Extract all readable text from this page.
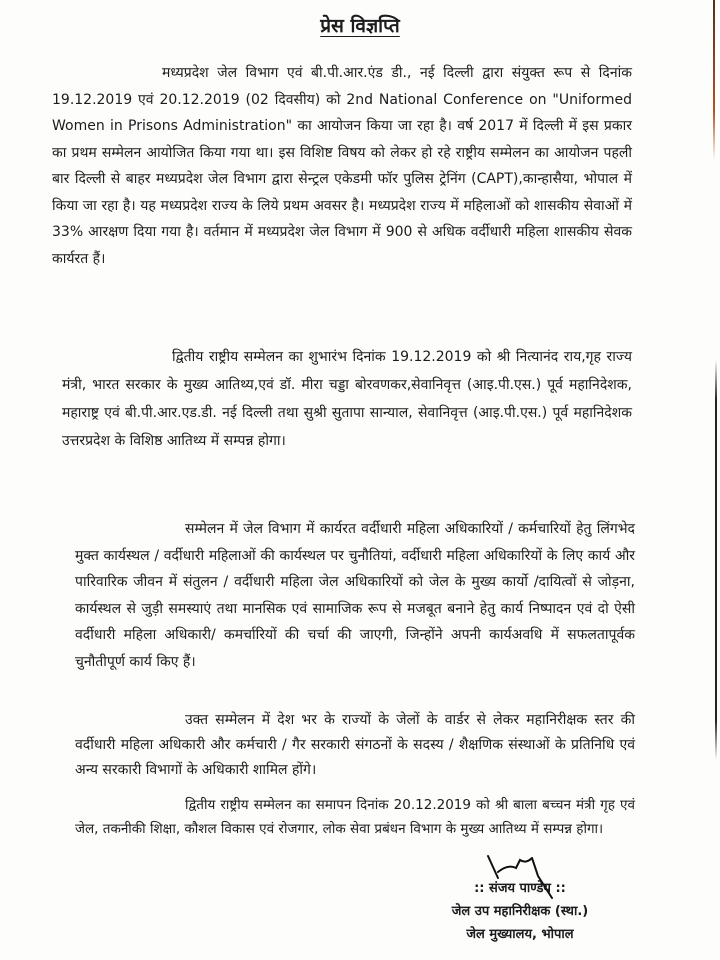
प्रेस विज्ञप्ति

मध्यप्रदेश जेल विभाग एवं बी.पी.आर.एंड डी., नई दिल्ली द्वारा संयुक्त रूप से दिनांक 19.12.2019 एवं 20.12.2019 (02 दिवसीय) को 2nd National Conference on "Uniformed Women in Prisons Administration" का आयोजन किया जा रहा है। वर्ष 2017 में दिल्ली में इस प्रकार का प्रथम सम्मेलन आयोजित किया गया था। इस विशिष्ट विषय को लेकर हो रहे राष्ट्रीय सम्मेलन का आयोजन पहली बार दिल्ली से बाहर मध्यप्रदेश जेल विभाग द्वारा सेन्ट्रल एकेडमी फॉर पुलिस ट्रेनिंग (CAPT),कान्हासैया, भोपाल में किया जा रहा है। यह मध्यप्रदेश राज्य के लिये प्रथम अवसर है। मध्यप्रदेश राज्य में महिलाओं को शासकीय सेवाओं में 33% आरक्षण दिया गया है। वर्तमान में मध्यप्रदेश जेल विभाग में 900 से अधिक वर्दीधारी महिला शासकीय सेवक कार्यरत हैं।

द्वितीय राष्ट्रीय सम्मेलन का शुभारंभ दिनांक 19.12.2019 को श्री नित्यानंद राय,गृह राज्य मंत्री, भारत सरकार के मुख्य आतिथ्य,एवं डॉ. मीरा चड्डा बोरवणकर,सेवानिवृत्त (आइ.पी.एस.) पूर्व महानिदेशक, महाराष्ट्र एवं बी.पी.आर.एड.डी. नई दिल्ली तथा सुश्री सुतापा सान्याल, सेवानिवृत्त (आइ.पी.एस.) पूर्व महानिदेशक उत्तरप्रदेश के विशिष्ठ आतिथ्य में सम्पन्न होगा।

सम्मेलन में जेल विभाग में कार्यरत वर्दीधारी महिला अधिकारियों / कर्मचारियों हेतु लिंगभेद मुक्त कार्यस्थल / वर्दीधारी महिलाओं की कार्यस्थल पर चुनौतियां, वर्दीधारी महिला अधिकारियों के लिए कार्य और पारिवारिक जीवन में संतुलन / वर्दीधारी महिला जेल अधिकारियों को जेल के मुख्य कार्यो /दायित्वों से जोड़ना, कार्यस्थल से जुड़ी समस्याएं तथा मानसिक एवं सामाजिक रूप से मजबूत बनाने हेतु कार्य निष्पादन एवं दो ऐसी वर्दीधारी महिला अधिकारी/ कमर्चारियों की चर्चा की जाएगी, जिन्होंने अपनी कार्यअवधि में सफलतापूर्वक चुनौतीपूर्ण कार्य किए हैं।

उक्त सम्मेलन में देश भर के राज्यों के जेलों के वार्डर से लेकर महानिरीक्षक स्तर की वर्दीधारी महिला अधिकारी और कर्मचारी / गैर सरकारी संगठनों के सदस्य / शैक्षणिक संस्थाओं के प्रतिनिधि एवं अन्य सरकारी विभागों के अधिकारी शामिल होंगे।

द्वितीय राष्ट्रीय सम्मेलन का समापन दिनांक 20.12.2019 को श्री बाला बच्चन मंत्री गृह एवं जेल, तकनीकी शिक्षा, कौशल विकास एवं रोजगार, लोक सेवा प्रबंधन विभाग के मुख्य आतिथ्य में सम्पन्न होगा।

:: संजय पाण्डेय ::
जेल उप महानिरीक्षक (स्था.)
जेल मुख्यालय, भोपाल
